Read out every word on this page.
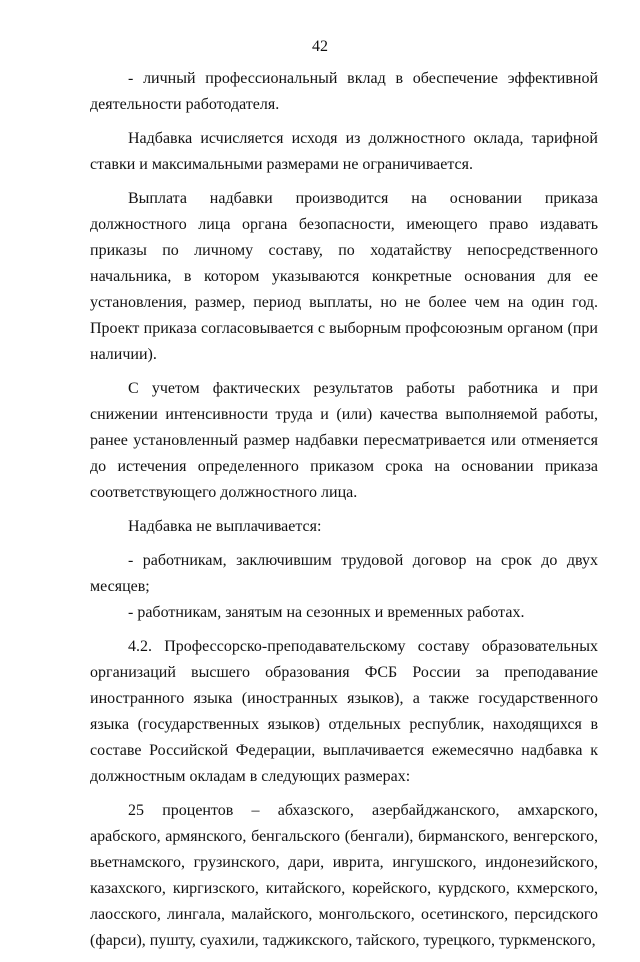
42

- личный профессиональный вклад в обеспечение эффективной деятельности работодателя.

Надбавка исчисляется исходя из должностного оклада, тарифной ставки и максимальными размерами не ограничивается.

Выплата надбавки производится на основании приказа должностного лица органа безопасности, имеющего право издавать приказы по личному составу, по ходатайству непосредственного начальника, в котором указываются конкретные основания для ее установления, размер, период выплаты, но не более чем на один год. Проект приказа согласовывается с выборным профсоюзным органом (при наличии).

С учетом фактических результатов работы работника и при снижении интенсивности труда и (или) качества выполняемой работы, ранее установленный размер надбавки пересматривается или отменяется до истечения определенного приказом срока на основании приказа соответствующего должностного лица.

Надбавка не выплачивается:

- работникам, заключившим трудовой договор на срок до двух месяцев;

- работникам, занятым на сезонных и временных работах.

4.2. Профессорско-преподавательскому составу образовательных организаций высшего образования ФСБ России за преподавание иностранного языка (иностранных языков), а также государственного языка (государственных языков) отдельных республик, находящихся в составе Российской Федерации, выплачивается ежемесячно надбавка к должностным окладам в следующих размерах:

25 процентов – абхазского, азербайджанского, амхарского, арабского, армянского, бенгальского (бенгали), бирманского, венгерского, вьетнамского, грузинского, дари, иврита, ингушского, индонезийского, казахского, киргизского, китайского, корейского, курдского, кхмерского, лаосского, лингала, малайского, монгольского, осетинского, персидского (фарси), пушту, суахили, таджикского, тайского, турецкого, туркменского,
